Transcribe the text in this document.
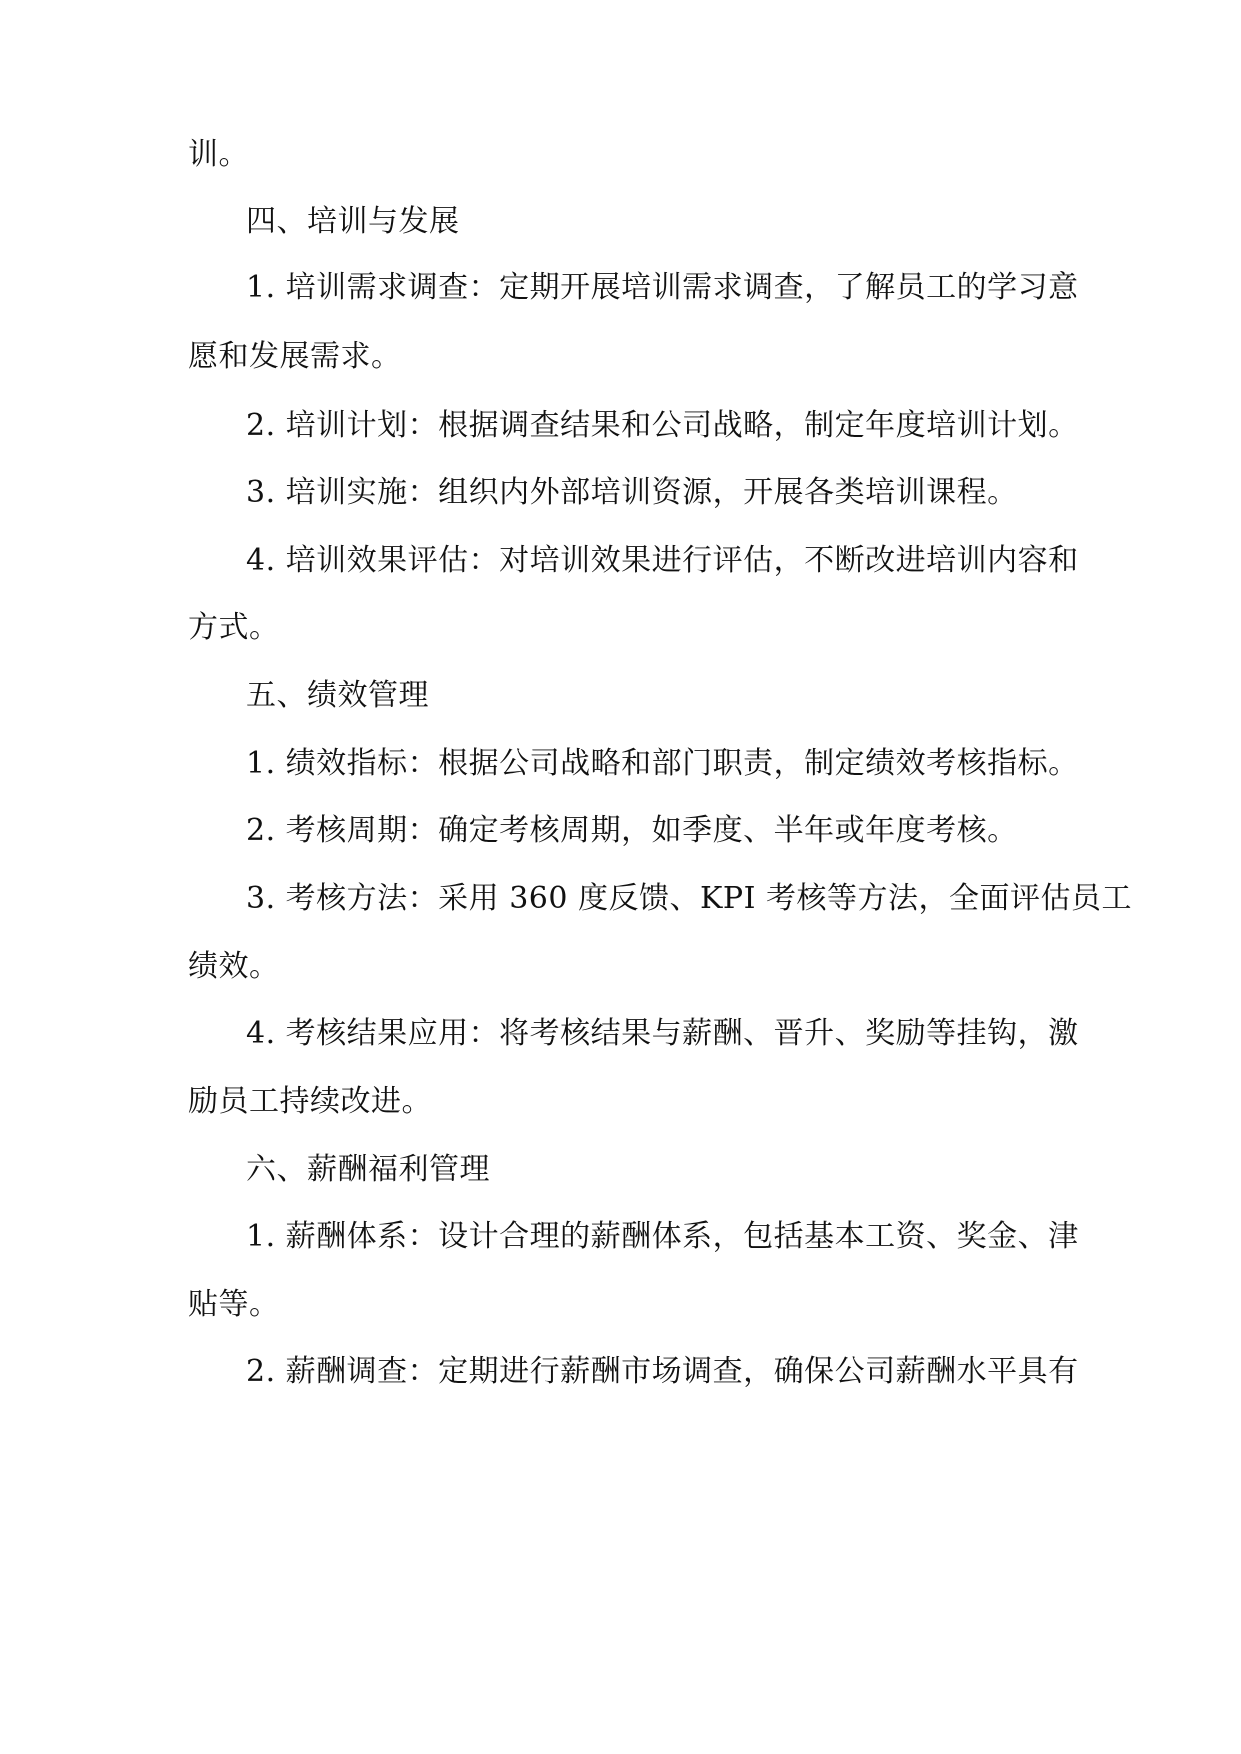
训。
四、培训与发展
1. 培训需求调查：定期开展培训需求调查，了解员工的学习意
愿和发展需求。
2. 培训计划：根据调查结果和公司战略，制定年度培训计划。
3. 培训实施：组织内外部培训资源，开展各类培训课程。
4. 培训效果评估：对培训效果进行评估，不断改进培训内容和
方式。
五、绩效管理
1. 绩效指标：根据公司战略和部门职责，制定绩效考核指标。
2. 考核周期：确定考核周期，如季度、半年或年度考核。
3. 考核方法：采用 360 度反馈、KPI 考核等方法，全面评估员工
绩效。
4. 考核结果应用：将考核结果与薪酬、晋升、奖励等挂钩，激
励员工持续改进。
六、薪酬福利管理
1. 薪酬体系：设计合理的薪酬体系，包括基本工资、奖金、津
贴等。
2. 薪酬调查：定期进行薪酬市场调查，确保公司薪酬水平具有
